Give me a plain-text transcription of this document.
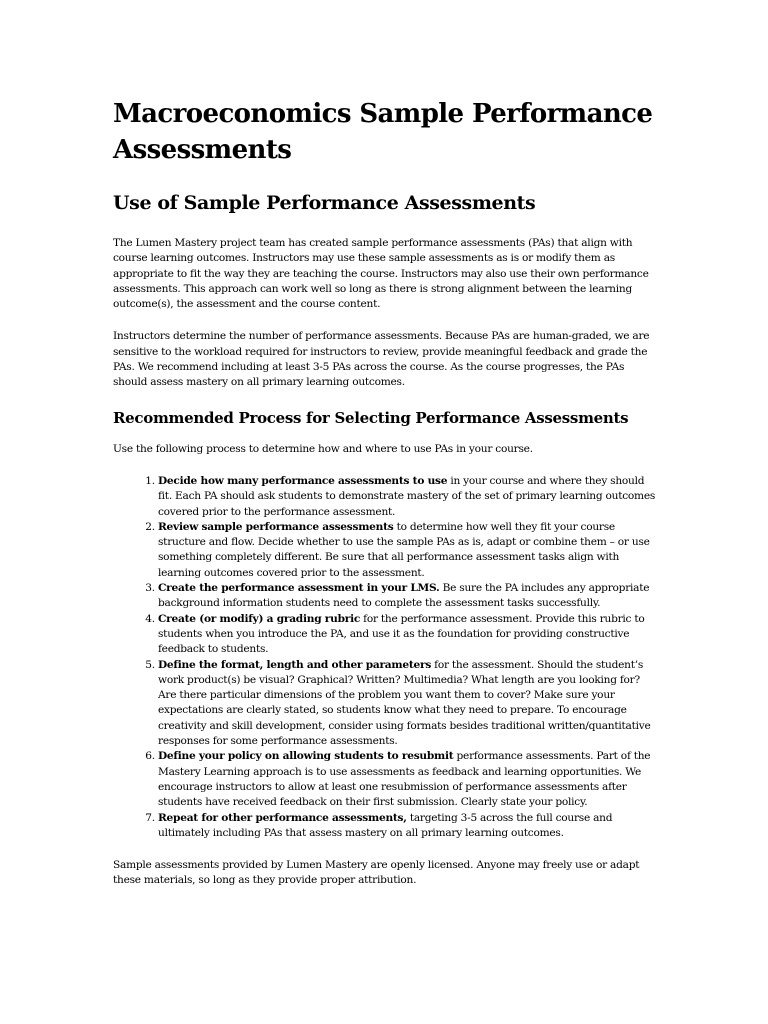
Macroeconomics Sample Performance Assessments
Use of Sample Performance Assessments

The Lumen Mastery project team has created sample performance assessments (PAs) that align with course learning outcomes. Instructors may use these sample assessments as is or modify them as appropriate to fit the way they are teaching the course. Instructors may also use their own performance assessments. This approach can work well so long as there is strong alignment between the learning outcome(s), the assessment and the course content.

Instructors determine the number of performance assessments. Because PAs are human-graded, we are sensitive to the workload required for instructors to review, provide meaningful feedback and grade the PAs. We recommend including at least 3-5 PAs across the course. As the course progresses, the PAs should assess mastery on all primary learning outcomes.

Recommended Process for Selecting Performance Assessments

Use the following process to determine how and where to use PAs in your course.

1. Decide how many performance assessments to use in your course and where they should fit. Each PA should ask students to demonstrate mastery of the set of primary learning outcomes covered prior to the performance assessment.
2. Review sample performance assessments to determine how well they fit your course structure and flow. Decide whether to use the sample PAs as is, adapt or combine them – or use something completely different. Be sure that all performance assessment tasks align with learning outcomes covered prior to the assessment.
3. Create the performance assessment in your LMS. Be sure the PA includes any appropriate background information students need to complete the assessment tasks successfully.
4. Create (or modify) a grading rubric for the performance assessment. Provide this rubric to students when you introduce the PA, and use it as the foundation for providing constructive feedback to students.
5. Define the format, length and other parameters for the assessment. Should the student’s work product(s) be visual? Graphical? Written? Multimedia? What length are you looking for? Are there particular dimensions of the problem you want them to cover? Make sure your expectations are clearly stated, so students know what they need to prepare. To encourage creativity and skill development, consider using formats besides traditional written/quantitative responses for some performance assessments.
6. Define your policy on allowing students to resubmit performance assessments. Part of the Mastery Learning approach is to use assessments as feedback and learning opportunities. We encourage instructors to allow at least one resubmission of performance assessments after students have received feedback on their first submission. Clearly state your policy.
7. Repeat for other performance assessments, targeting 3-5 across the full course and ultimately including PAs that assess mastery on all primary learning outcomes.

Sample assessments provided by Lumen Mastery are openly licensed. Anyone may freely use or adapt these materials, so long as they provide proper attribution.
